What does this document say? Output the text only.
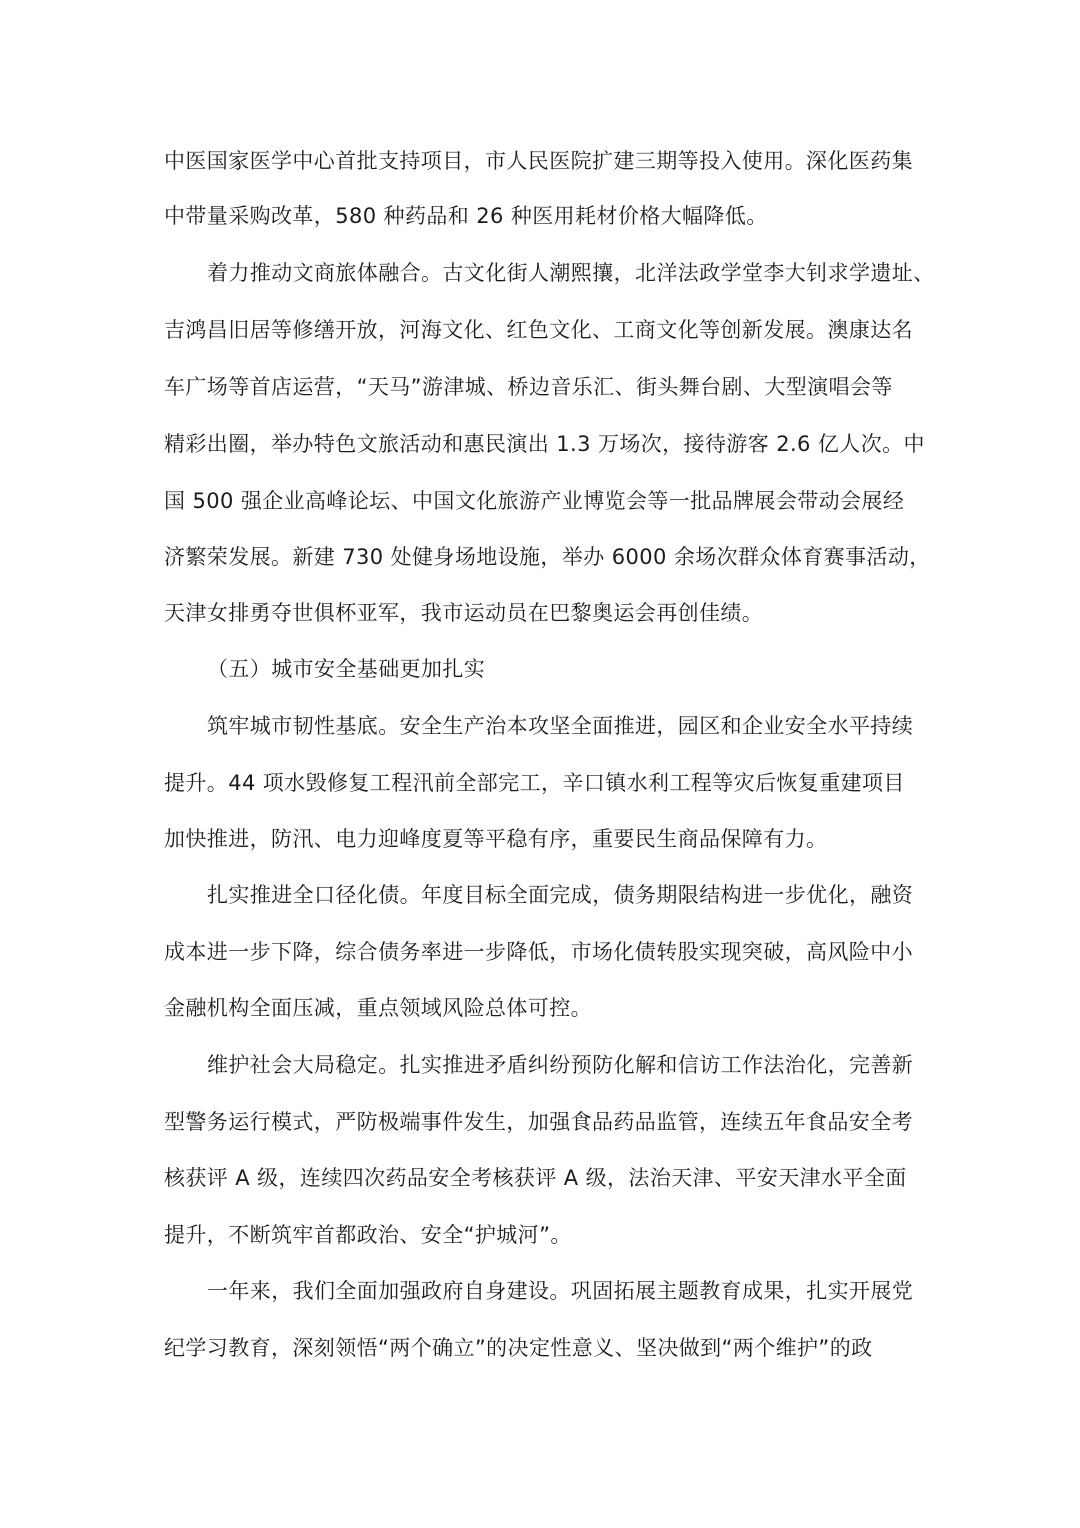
中医国家医学中心首批支持项目，市人民医院扩建三期等投入使用。深化医药集
中带量采购改革，580 种药品和 26 种医用耗材价格大幅降低。
着力推动文商旅体融合。古文化街人潮熙攘，北洋法政学堂李大钊求学遗址、
吉鸿昌旧居等修缮开放，河海文化、红色文化、工商文化等创新发展。澳康达名
车广场等首店运营，“天马”游津城、桥边音乐汇、街头舞台剧、大型演唱会等
精彩出圈，举办特色文旅活动和惠民演出 1.3 万场次，接待游客 2.6 亿人次。中
国 500 强企业高峰论坛、中国文化旅游产业博览会等一批品牌展会带动会展经
济繁荣发展。新建 730 处健身场地设施，举办 6000 余场次群众体育赛事活动，
天津女排勇夺世俱杯亚军，我市运动员在巴黎奥运会再创佳绩。
（五）城市安全基础更加扎实
筑牢城市韧性基底。安全生产治本攻坚全面推进，园区和企业安全水平持续
提升。44 项水毁修复工程汛前全部完工，辛口镇水利工程等灾后恢复重建项目
加快推进，防汛、电力迎峰度夏等平稳有序，重要民生商品保障有力。
扎实推进全口径化债。年度目标全面完成，债务期限结构进一步优化，融资
成本进一步下降，综合债务率进一步降低，市场化债转股实现突破，高风险中小
金融机构全面压减，重点领域风险总体可控。
维护社会大局稳定。扎实推进矛盾纠纷预防化解和信访工作法治化，完善新
型警务运行模式，严防极端事件发生，加强食品药品监管，连续五年食品安全考
核获评 A 级，连续四次药品安全考核获评 A 级，法治天津、平安天津水平全面
提升，不断筑牢首都政治、安全“护城河”。
一年来，我们全面加强政府自身建设。巩固拓展主题教育成果，扎实开展党
纪学习教育，深刻领悟“两个确立”的决定性意义、坚决做到“两个维护”的政
